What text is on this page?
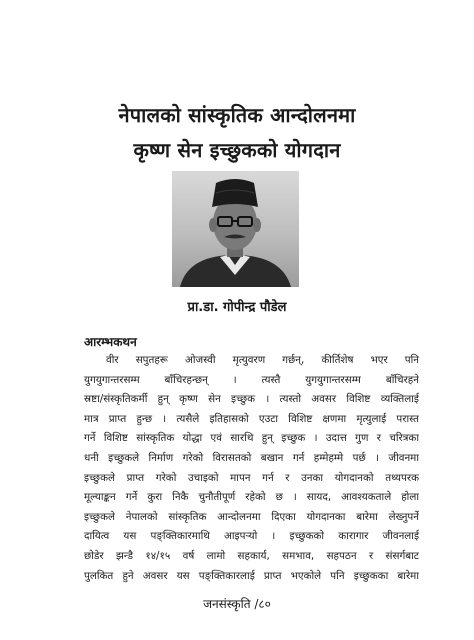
नेपालको सांस्कृतिक आन्दोलनमा
कृष्ण सेन इच्छुकको योगदान
प्रा.डा. गोपीन्द्र पौडेल
आरम्भकथन
वीर सपुतहरू ओजस्वी मृत्युवरण गर्छन्, कीर्तिशेष भएर पनि
युगयुगान्तरसम्म बाँचिरहन्छन् । त्यस्तै युगयुगान्तरसम्म बाँचिरहने
स्रष्टा/संस्कृतिकर्मी हुन् कृष्ण सेन इच्छुक । त्यस्तो अवसर विशिष्ट व्यक्तिलाई
मात्र प्राप्त हुन्छ । त्यसैले इतिहासको एउटा विशिष्ट क्षणमा मृत्युलाई परास्त
गर्ने विशिष्ट सांस्कृतिक योद्धा एवं सारथि हुन् इच्छुक । उदात्त गुण र चरित्रका
धनी इच्छुकले निर्माण गरेको विरासतको बखान गर्न हम्मेहम्मे पर्छ । जीवनमा
इच्छुकले प्राप्त गरेको उचाइको मापन गर्न र उनका योगदानको तथ्यपरक
मूल्याङ्कन गर्ने कुरा निकै चुनौतीपूर्ण रहेको छ । सायद, आवश्यकताले होला
इच्छुकले नेपालको सांस्कृतिक आन्दोलनमा दिएका योगदानका बारेमा लेख्नुपर्ने
दायित्व यस पङ्क्तिकारमाथि आइपऱ्यो । इच्छुकको कारागार जीवनलाई
छोडेर झन्डै १४/१५ वर्ष लामो सहकार्य, समभाव, सहपठन र संसर्गबाट
पुलकित हुने अवसर यस पङ्क्तिकारलाई प्राप्त भएकोले पनि इच्छुकका बारेमा
जनसंस्कृति /८०
